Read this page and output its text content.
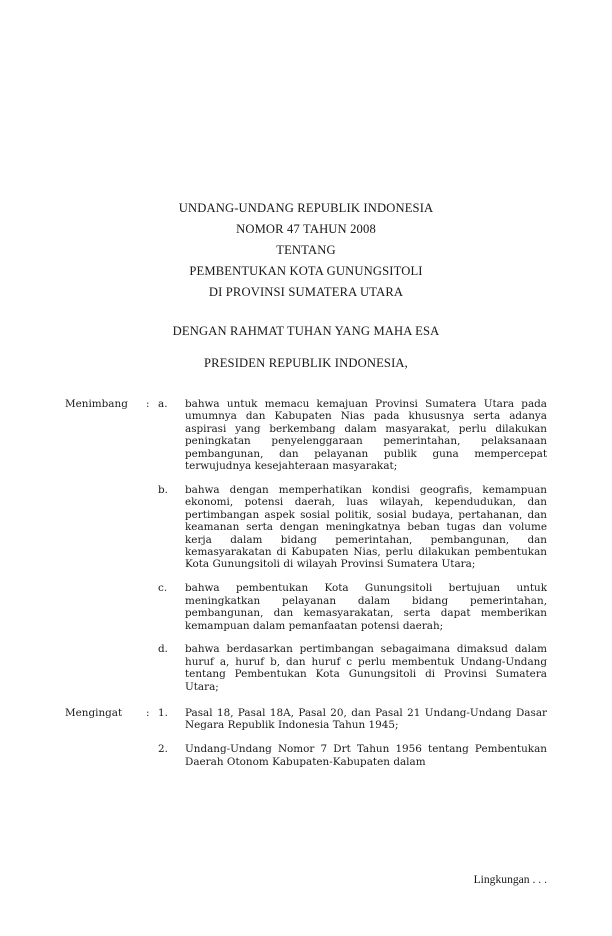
UNDANG-UNDANG REPUBLIK INDONESIA
NOMOR 47 TAHUN 2008
TENTANG
PEMBENTUKAN KOTA GUNUNGSITOLI
DI PROVINSI SUMATERA UTARA
DENGAN RAHMAT TUHAN YANG MAHA ESA
PRESIDEN REPUBLIK INDONESIA,
Menimbang	: a.	bahwa untuk memacu kemajuan Provinsi Sumatera Utara pada umumnya dan Kabupaten Nias pada khususnya serta adanya aspirasi yang berkembang dalam masyarakat, perlu dilakukan peningkatan penyelenggaraan pemerintahan, pelaksanaan pembangunan, dan pelayanan publik guna mempercepat terwujudnya kesejahteraan masyarakat;
b.	bahwa dengan memperhatikan kondisi geografis, kemampuan ekonomi, potensi daerah, luas wilayah, kependudukan, dan pertimbangan aspek sosial politik, sosial budaya, pertahanan, dan keamanan serta dengan meningkatnya beban tugas dan volume kerja dalam bidang pemerintahan, pembangunan, dan kemasyarakatan di Kabupaten Nias, perlu dilakukan pembentukan Kota Gunungsitoli di wilayah Provinsi Sumatera Utara;
c.	bahwa pembentukan Kota Gunungsitoli bertujuan untuk meningkatkan pelayanan dalam bidang pemerintahan, pembangunan, dan kemasyarakatan, serta dapat memberikan kemampuan dalam pemanfaatan potensi daerah;
d.	bahwa berdasarkan pertimbangan sebagaimana dimaksud dalam huruf a, huruf b, dan huruf c perlu membentuk Undang-Undang tentang Pembentukan Kota Gunungsitoli di Provinsi Sumatera Utara;
Mengingat	: 1.	Pasal 18, Pasal 18A, Pasal 20, dan Pasal 21 Undang-Undang Dasar Negara Republik Indonesia Tahun 1945;
2.	Undang-Undang Nomor 7 Drt Tahun 1956 tentang Pembentukan Daerah Otonom Kabupaten-Kabupaten dalam
Lingkungan . . .
